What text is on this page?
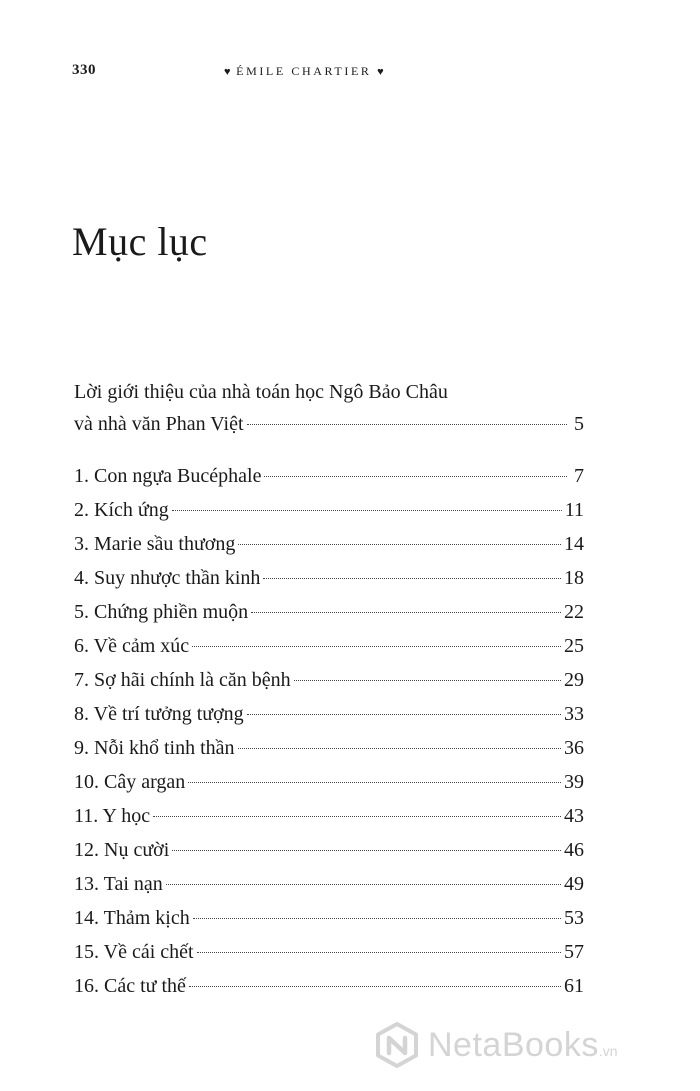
330	♥ ÉMILE CHARTIER ♥
Mục lục
Lời giới thiệu của nhà toán học Ngô Bảo Châu
và nhà văn Phan Việt	5
1. Con ngựa Bucéphale	7
2. Kích ứng	11
3. Marie sầu thương	14
4. Suy nhược thần kinh	18
5. Chứng phiền muộn	22
6. Về cảm xúc	25
7. Sợ hãi chính là căn bệnh	29
8. Về trí tưởng tượng	33
9. Nỗi khổ tinh thần	36
10. Cây argan	39
11. Y học	43
12. Nụ cười	46
13. Tai nạn	49
14. Thảm kịch	53
15. Về cái chết	57
16. Các tư thế	61
NetaBooks.vn
